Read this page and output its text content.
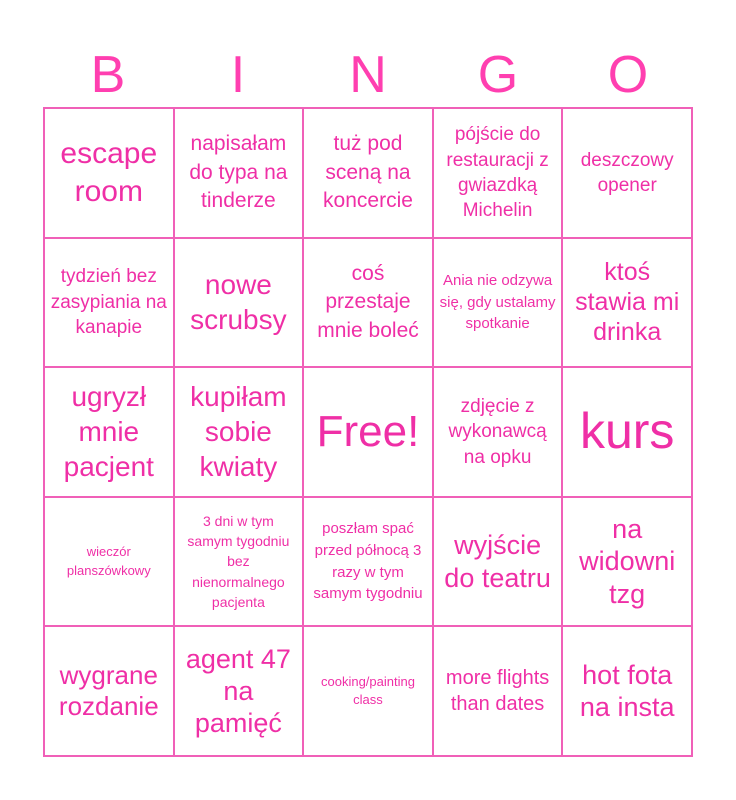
B	I	N	G	O
escape room
napisałam do typa na tinderze
tuż pod sceną na koncercie
pójście do restauracji z gwiazdką Michelin
deszczowy opener
tydzień bez zasypiania na kanapie
nowe scrubsy
coś przestaje mnie boleć
Ania nie odzywa się, gdy ustalamy spotkanie
ktoś stawia mi drinka
ugryzł mnie pacjent
kupiłam sobie kwiaty
Free!
zdjęcie z wykonawcą na opku kurs
wieczór planszówkowy
3 dni w tym samym tygodniu bez nienormalnego pacjenta
poszłam spać przed północą 3 razy w tym samym tygodniu
wyjście do teatru
na widowni tzg
wygrane rozdanie
agent 47 na pamięć
cooking/painting class
more flights than dates
hot fota na insta
